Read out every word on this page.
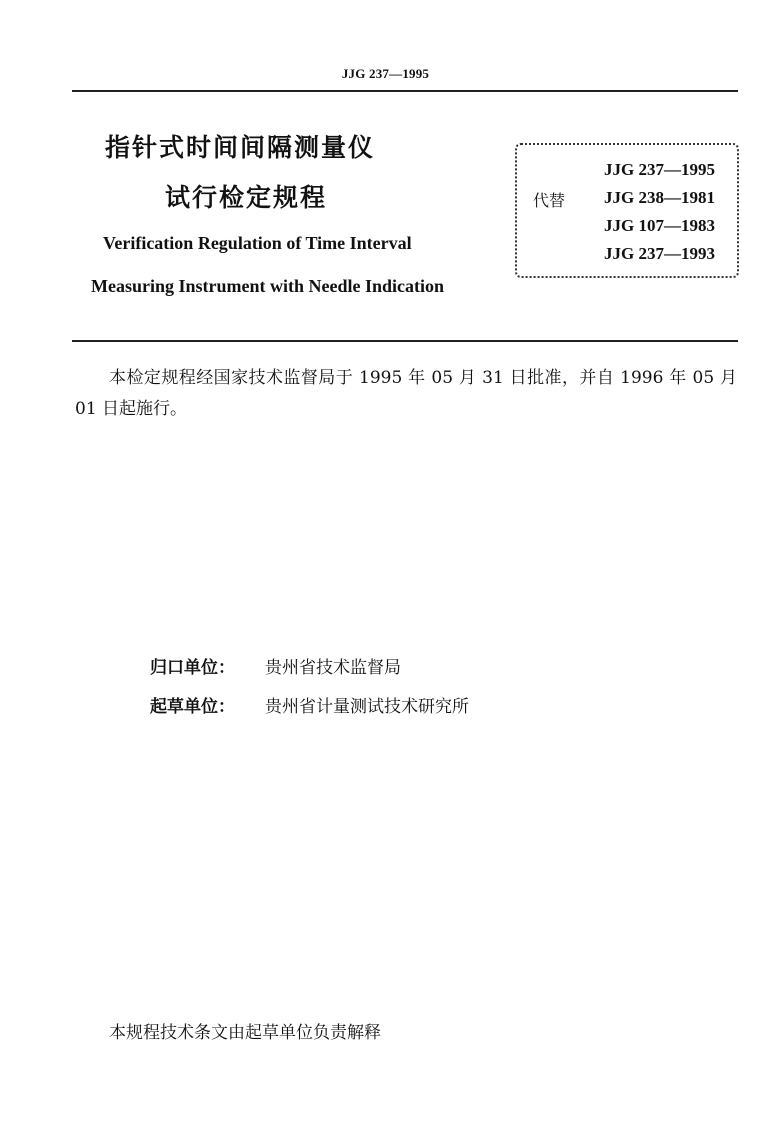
JJG 237—1995
指针式时间间隔测量仪
试行检定规程
Verification Regulation of Time Interval
Measuring Instrument with Needle Indication
JJG 237—1995
代替 JJG 238—1981
JJG 107—1983
JJG 237—1993
本检定规程经国家技术监督局于 1995 年 05 月 31 日批准，并自 1996 年 05 月 01 日起施行。
归口单位： 贵州省技术监督局
起草单位： 贵州省计量测试技术研究所
本规程技术条文由起草单位负责解释
